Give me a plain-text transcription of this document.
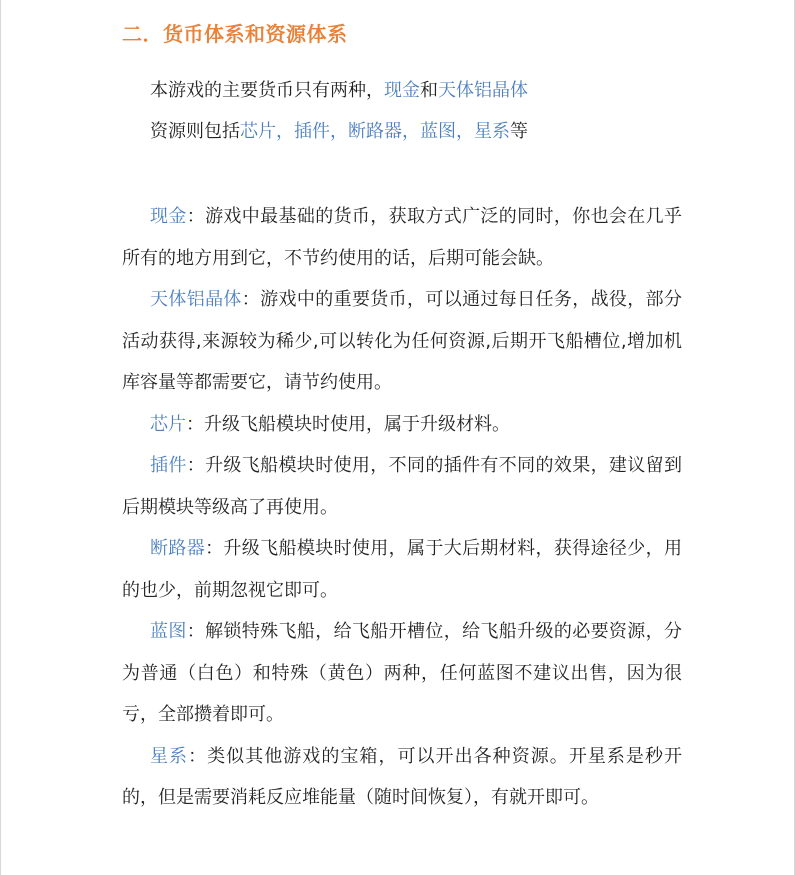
二．货币体系和资源体系
本游戏的主要货币只有两种，现金和天体铝晶体
资源则包括芯片，插件，断路器，蓝图，星系等

现金：游戏中最基础的货币，获取方式广泛的同时，你也会在几乎所有的地方用到它，不节约使用的话，后期可能会缺。

天体铝晶体：游戏中的重要货币，可以通过每日任务，战役，部分活动获得,来源较为稀少,可以转化为任何资源,后期开飞船槽位,增加机库容量等都需要它，请节约使用。

芯片：升级飞船模块时使用，属于升级材料。

插件：升级飞船模块时使用，不同的插件有不同的效果，建议留到后期模块等级高了再使用。

断路器：升级飞船模块时使用，属于大后期材料，获得途径少，用的也少，前期忽视它即可。

蓝图：解锁特殊飞船，给飞船开槽位，给飞船升级的必要资源，分为普通（白色）和特殊（黄色）两种，任何蓝图不建议出售，因为很亏，全部攒着即可。

星系：类似其他游戏的宝箱，可以开出各种资源。开星系是秒开的，但是需要消耗反应堆能量（随时间恢复），有就开即可。
